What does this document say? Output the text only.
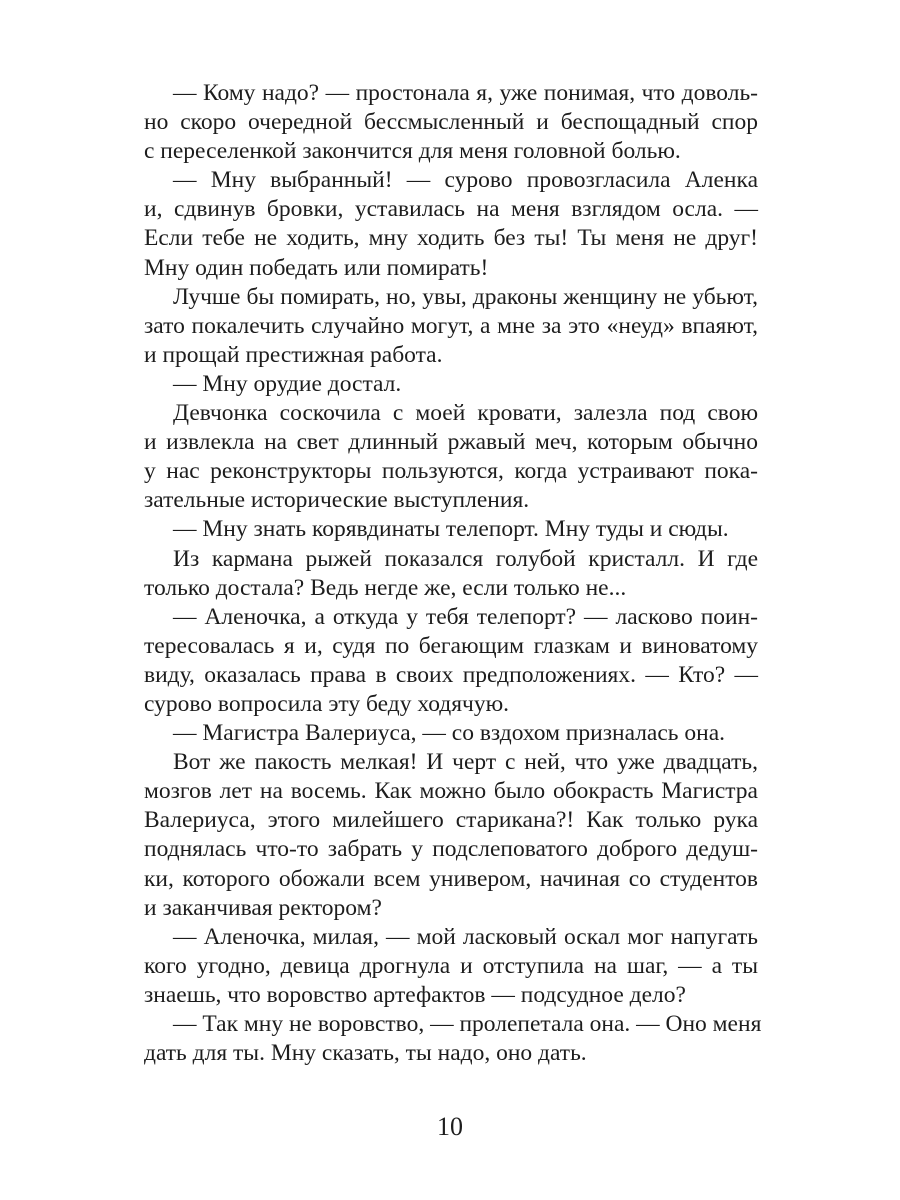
— Кому надо? — простонала я, уже понимая, что доволь-
но скоро очередной бессмысленный и беспощадный спор
с переселенкой закончится для меня головной болью.
— Мну выбранный! — сурово провозгласила Аленка
и, сдвинув бровки, уставилась на меня взглядом осла. —
Если тебе не ходить, мну ходить без ты! Ты меня не друг!
Мну один победать или помирать!
Лучше бы помирать, но, увы, драконы женщину не убьют,
зато покалечить случайно могут, а мне за это «неуд» впаяют,
и прощай престижная работа.
— Мну орудие достал.
Девчонка соскочила с моей кровати, залезла под свою
и извлекла на свет длинный ржавый меч, которым обычно
у нас реконструкторы пользуются, когда устраивают пока-
зательные исторические выступления.
— Мну знать корявдинаты телепорт. Мну туды и сюды.
Из кармана рыжей показался голубой кристалл. И где
только достала? Ведь негде же, если только не...
— Аленочка, а откуда у тебя телепорт? — ласково поин-
тересовалась я и, судя по бегающим глазкам и виноватому
виду, оказалась права в своих предположениях. — Кто? —
сурово вопросила эту беду ходячую.
— Магистра Валериуса, — со вздохом призналась она.
Вот же пакость мелкая! И черт с ней, что уже двадцать,
мозгов лет на восемь. Как можно было обокрасть Магистра
Валериуса, этого милейшего старикана?! Как только рука
поднялась что-то забрать у подслеповатого доброго дедуш-
ки, которого обожали всем универом, начиная со студентов
и заканчивая ректором?
— Аленочка, милая, — мой ласковый оскал мог напугать
кого угодно, девица дрогнула и отступила на шаг, — а ты
знаешь, что воровство артефактов — подсудное дело?
— Так мну не воровство, — пролепетала она. — Оно меня
дать для ты. Мну сказать, ты надо, оно дать.
10
